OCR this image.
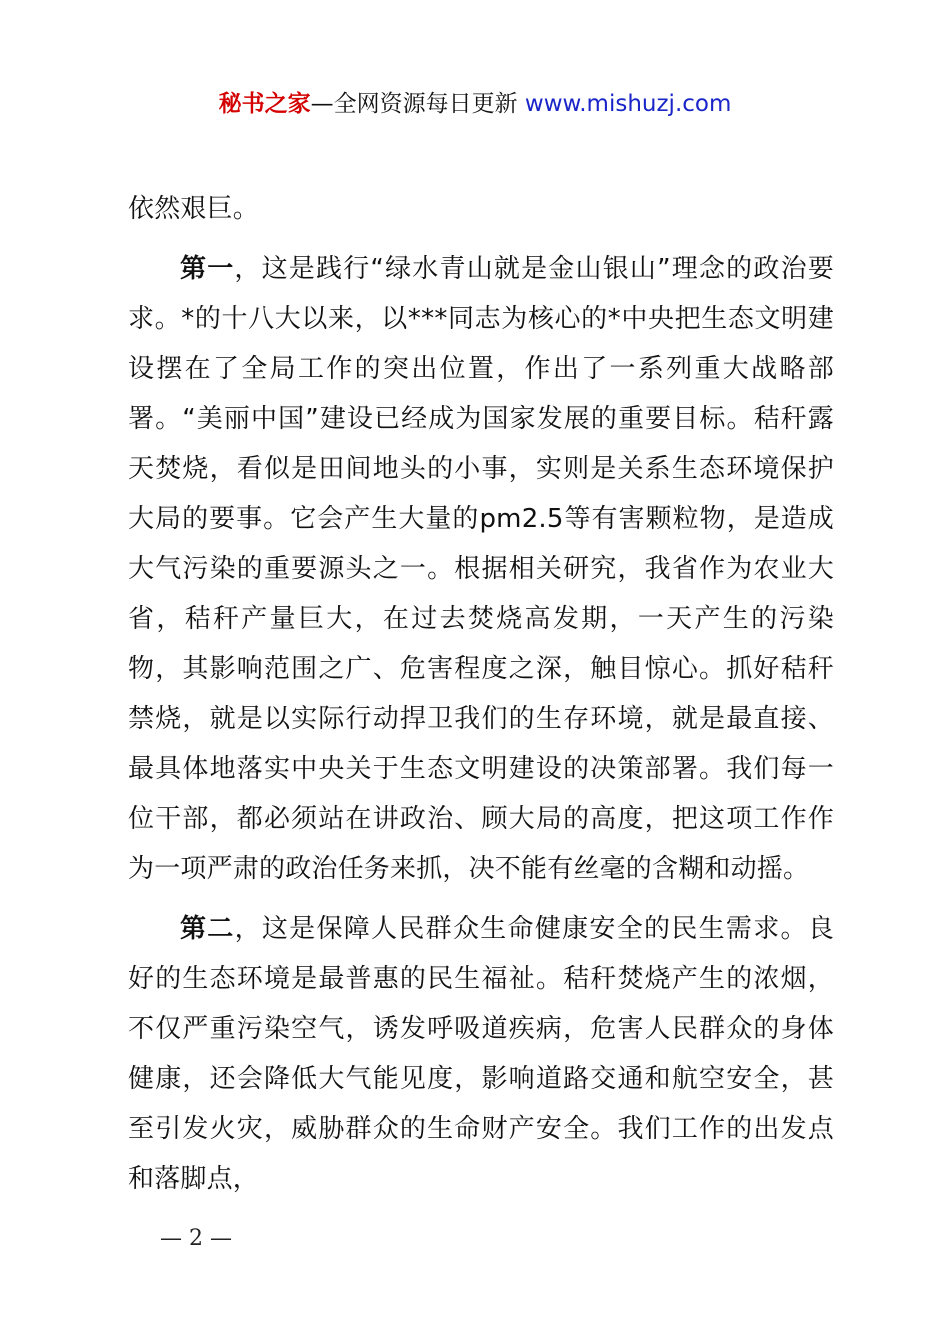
秘书之家—全网资源每日更新 www.mishuzj.com

依然艰巨。

第一，这是践行“绿水青山就是金山银山”理念的政治要求。*的十八大以来，以***同志为核心的*中央把生态文明建设摆在了全局工作的突出位置，作出了一系列重大战略部署。“美丽中国”建设已经成为国家发展的重要目标。秸秆露天焚烧，看似是田间地头的小事，实则是关系生态环境保护大局的要事。它会产生大量的pm2.5等有害颗粒物，是造成大气污染的重要源头之一。根据相关研究，我省作为农业大省，秸秆产量巨大，在过去焚烧高发期，一天产生的污染物，其影响范围之广、危害程度之深，触目惊心。抓好秸秆禁烧，就是以实际行动捍卫我们的生存环境，就是最直接、最具体地落实中央关于生态文明建设的决策部署。我们每一位干部，都必须站在讲政治、顾大局的高度，把这项工作作为一项严肃的政治任务来抓，决不能有丝毫的含糊和动摇。

第二，这是保障人民群众生命健康安全的民生需求。良好的生态环境是最普惠的民生福祉。秸秆焚烧产生的浓烟，不仅严重污染空气，诱发呼吸道疾病，危害人民群众的身体健康，还会降低大气能见度，影响道路交通和航空安全，甚至引发火灾，威胁群众的生命财产安全。我们工作的出发点和落脚点，

— 2 —
